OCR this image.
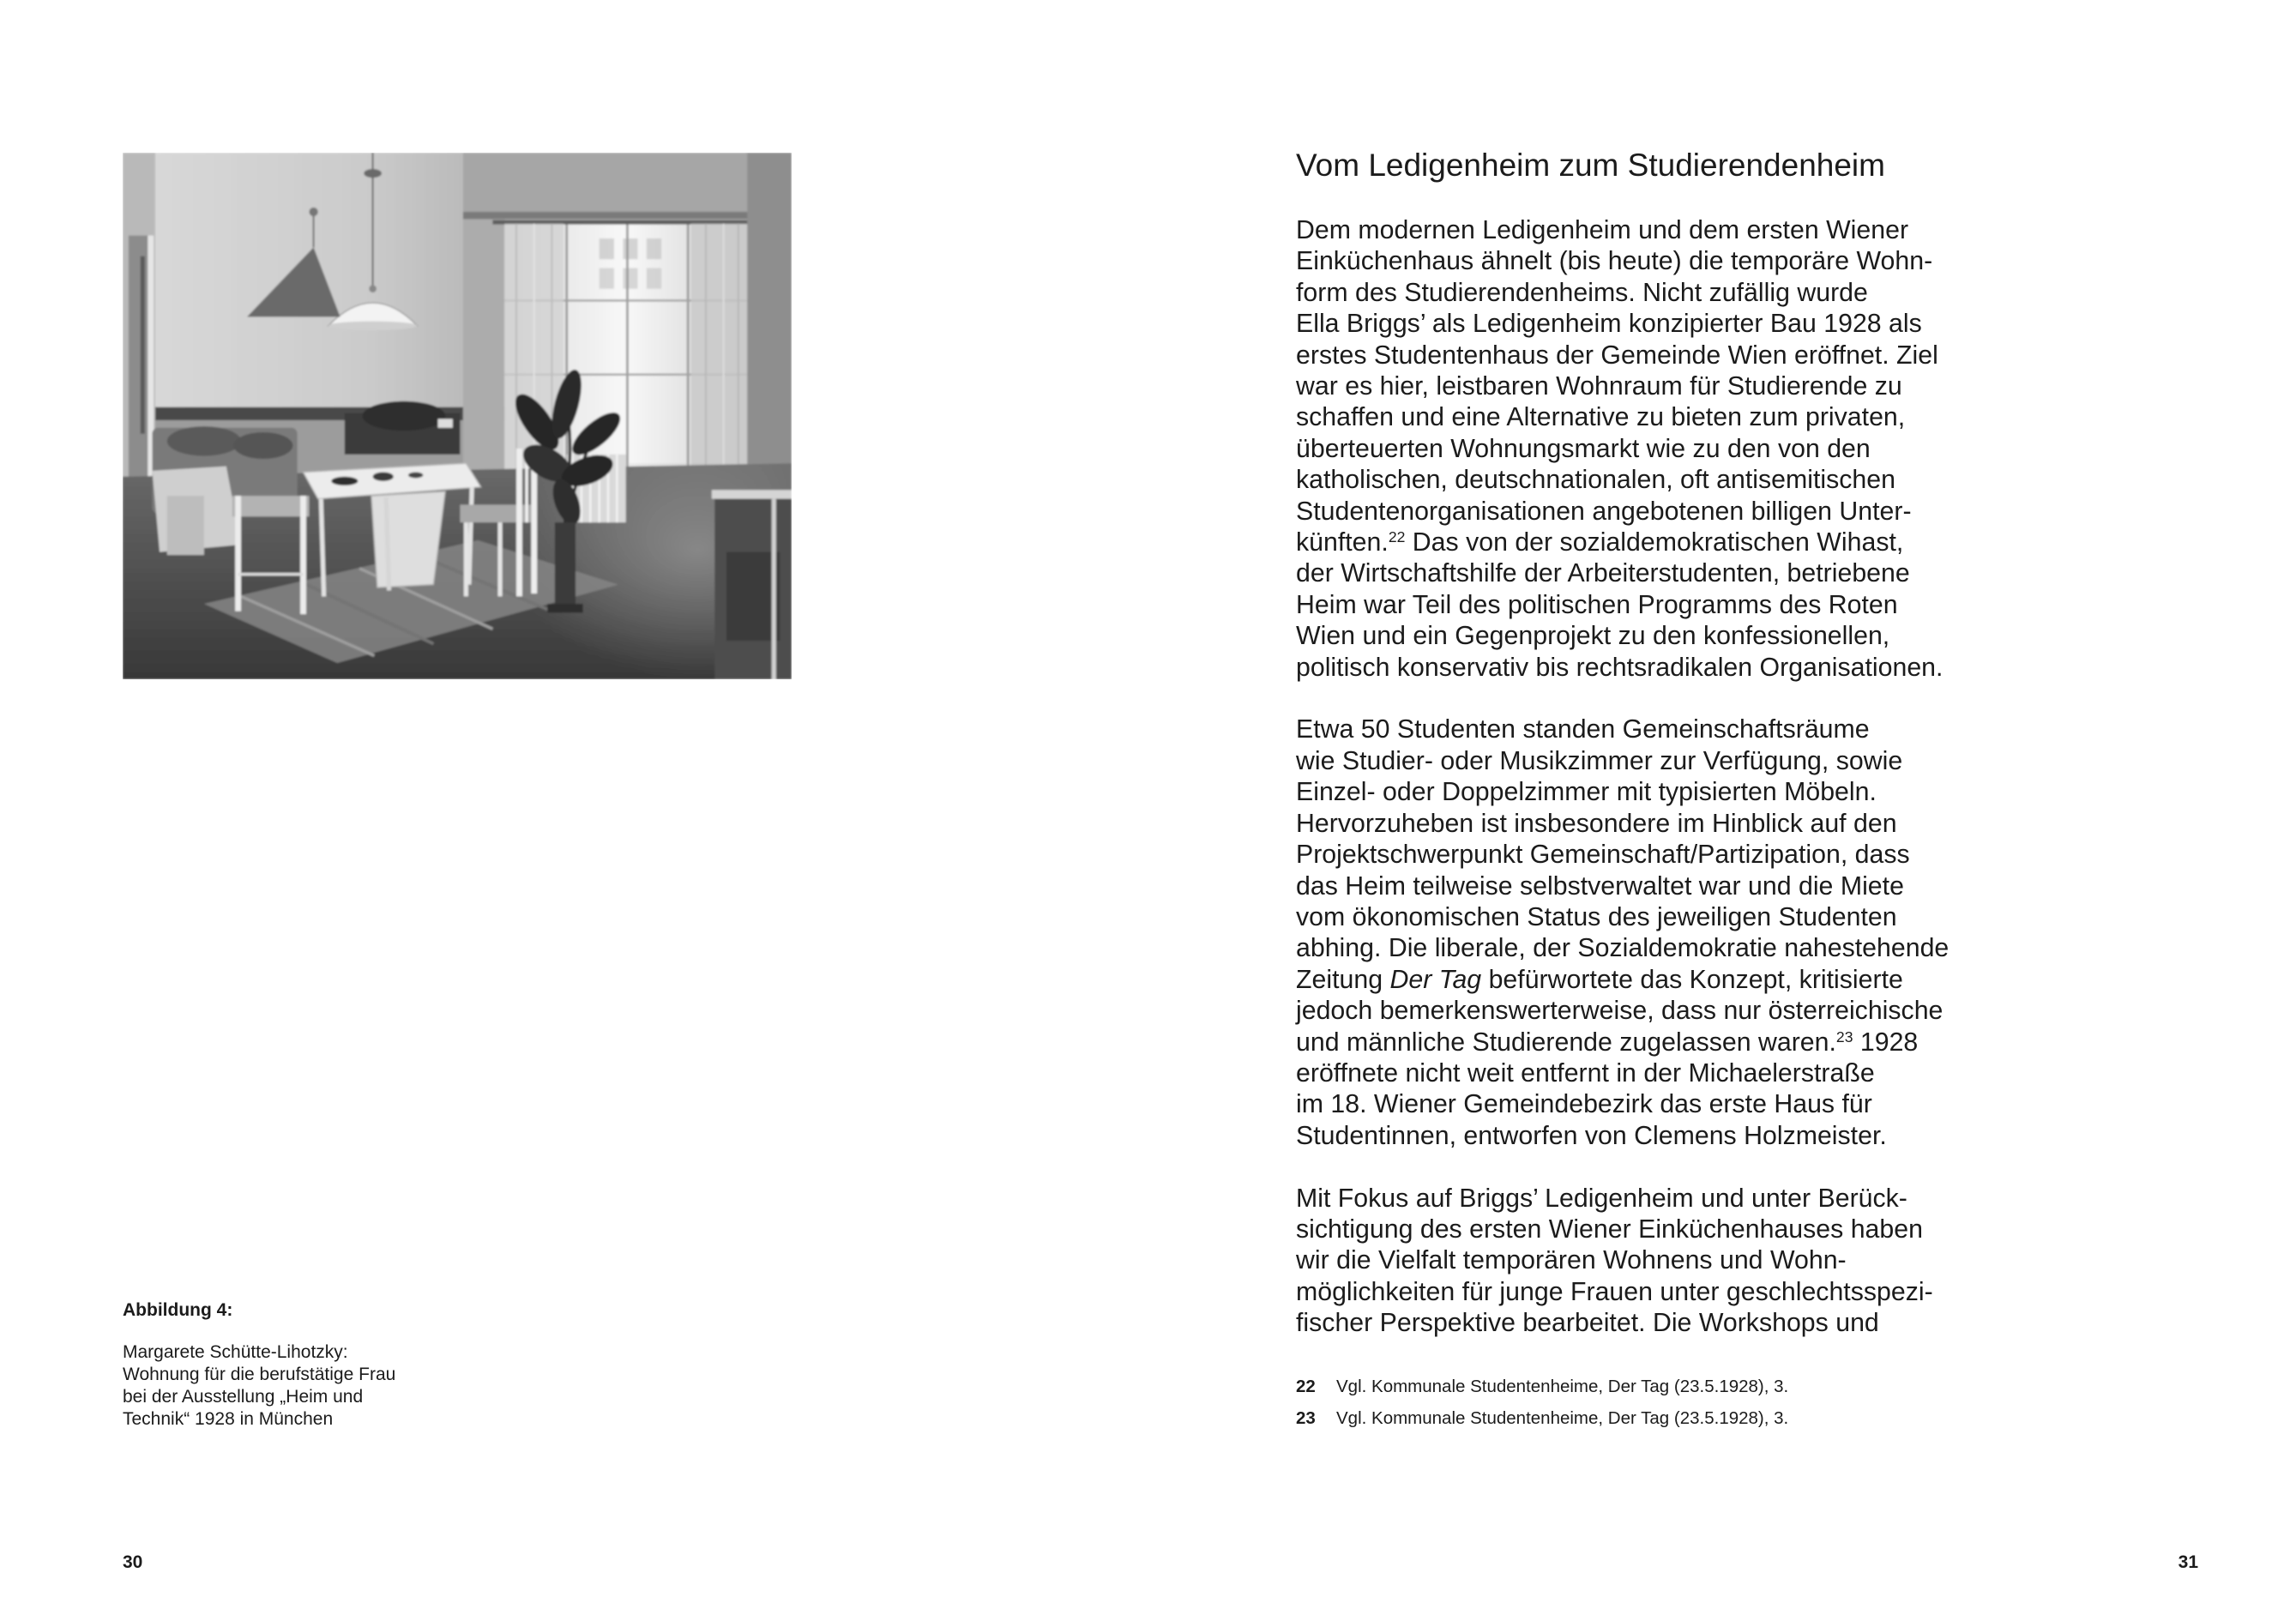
Abbildung 4:
Margarete Schütte-Lihotzky:
Wohnung für die berufstätige Frau
bei der Ausstellung „Heim und
Technik“ 1928 in München
30
Vom Ledigenheim zum Studierendenheim

Dem modernen Ledigenheim und dem ersten Wiener
Einküchenhaus ähnelt (bis heute) die temporäre Wohn-
form des Studierendenheims. Nicht zufällig wurde
Ella Briggs’ als Ledigenheim konzipierter Bau 1928 als
erstes Studentenhaus der Gemeinde Wien eröffnet. Ziel
war es hier, leistbaren Wohnraum für Studierende zu
schaffen und eine Alternative zu bieten zum privaten,
überteuerten Wohnungsmarkt wie zu den von den
katholischen, deutschnationalen, oft antisemitischen
Studentenorganisationen angebotenen billigen Unter-
künften.$^{22}$ Das von der sozialdemokratischen Wihast,
der Wirtschaftshilfe der Arbeiterstudenten, betriebene
Heim war Teil des politischen Programms des Roten
Wien und ein Gegenprojekt zu den konfessionellen,
politisch konservativ bis rechtsradikalen Organisationen.

Etwa 50 Studenten standen Gemeinschaftsräume
wie Studier- oder Musikzimmer zur Verfügung, sowie
Einzel- oder Doppelzimmer mit typisierten Möbeln.
Hervorzuheben ist insbesondere im Hinblick auf den
Projektschwerpunkt Gemeinschaft/Partizipation, dass
das Heim teilweise selbstverwaltet war und die Miete
vom ökonomischen Status des jeweiligen Studenten
abhing. Die liberale, der Sozialdemokratie nahestehende
Zeitung Der Tag befürwortete das Konzept, kritisierte
jedoch bemerkenswerterweise, dass nur österreichische
und männliche Studierende zugelassen waren.$^{23}$ 1928
eröffnete nicht weit entfernt in der Michaelerstraße
im 18. Wiener Gemeindebezirk das erste Haus für
Studentinnen, entworfen von Clemens Holzmeister.

Mit Fokus auf Briggs’ Ledigenheim und unter Berück-
sichtigung des ersten Wiener Einküchenhauses haben
wir die Vielfalt temporären Wohnens und Wohn-
möglichkeiten für junge Frauen unter geschlechtsspezi-
fischer Perspektive bearbeitet. Die Workshops und

22 Vgl. Kommunale Studentenheime, Der Tag (23.5.1928), 3.
23 Vgl. Kommunale Studentenheime, Der Tag (23.5.1928), 3.
31
